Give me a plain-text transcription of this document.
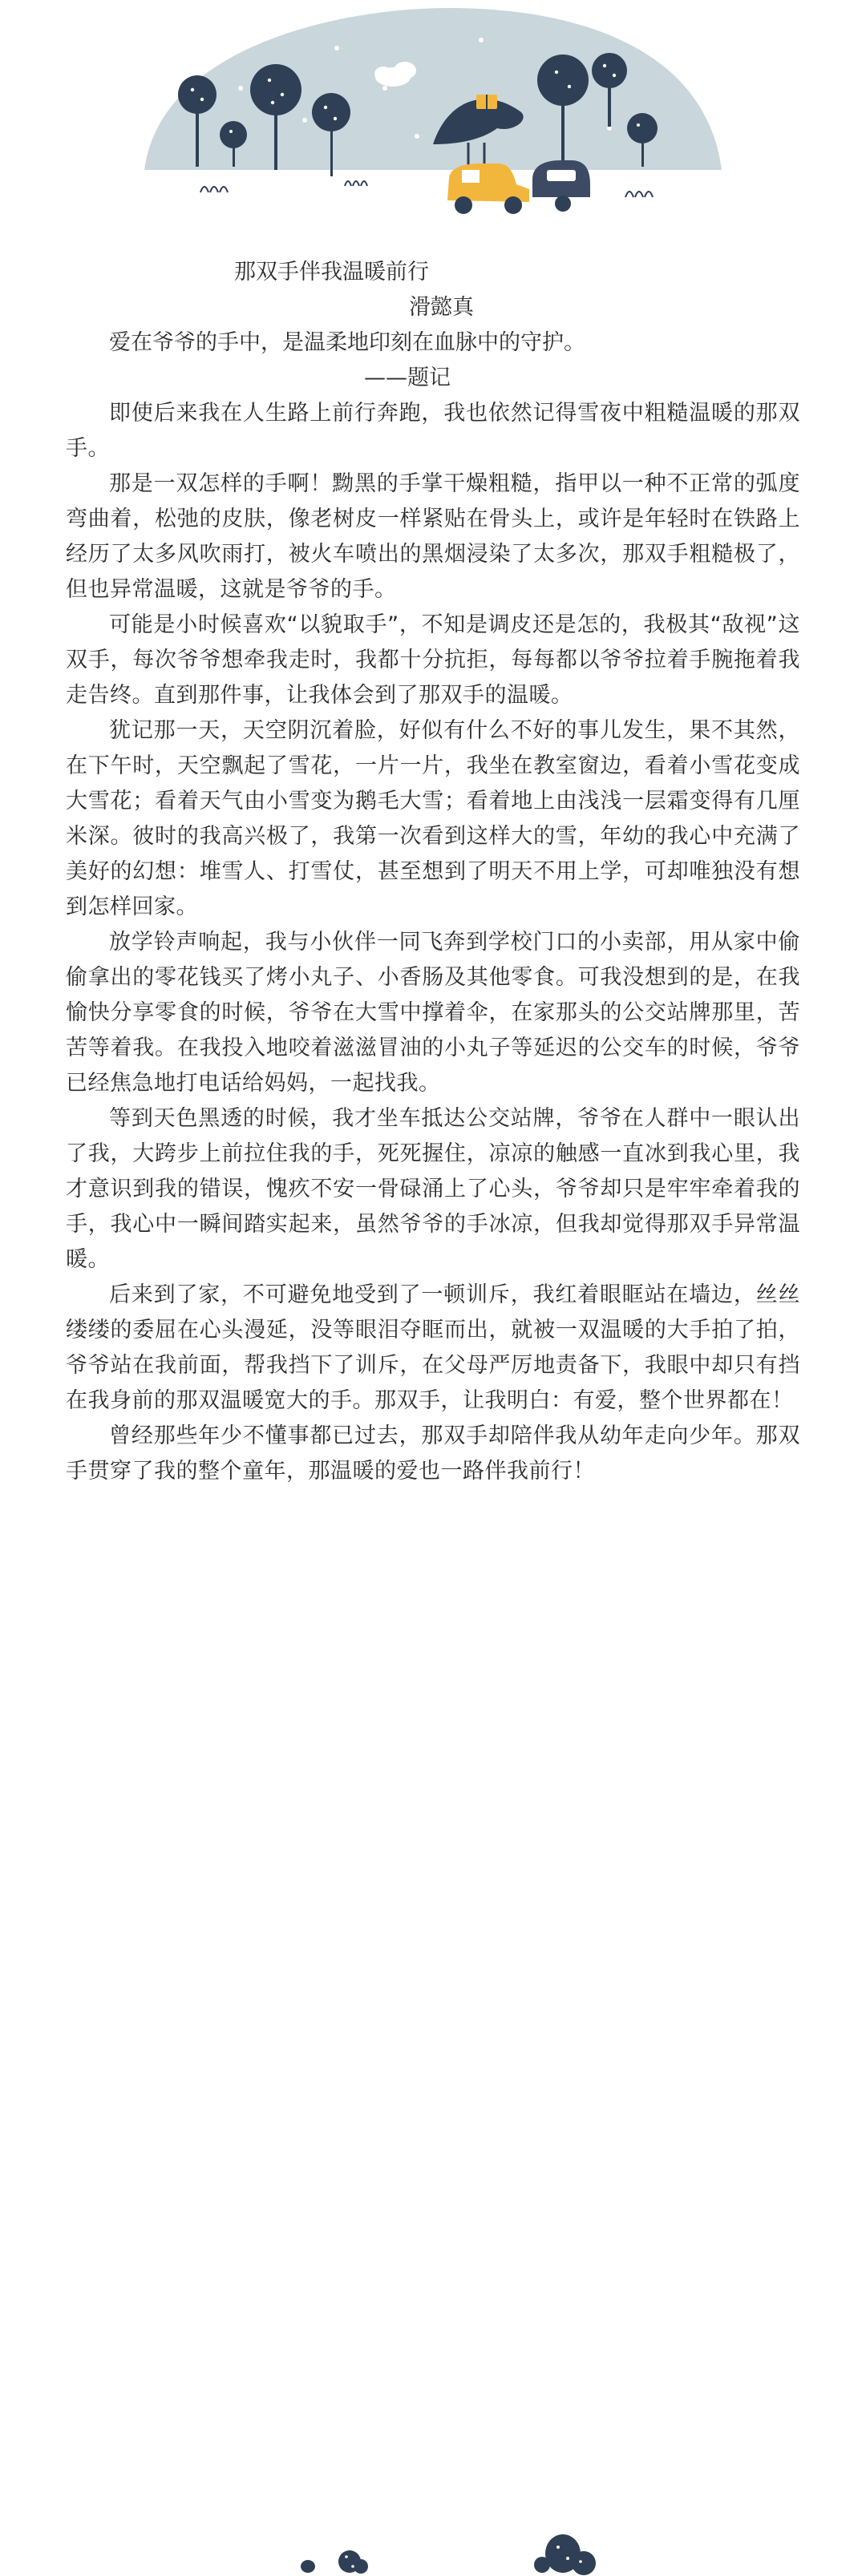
那双手伴我温暖前行

滑懿真

爱在爷爷的手中，是温柔地印刻在血脉中的守护。

——题记

即使后来我在人生路上前行奔跑，我也依然记得雪夜中粗糙温暖的那双手。

那是一双怎样的手啊！黝黑的手掌干燥粗糙，指甲以一种不正常的弧度弯曲着，松弛的皮肤，像老树皮一样紧贴在骨头上，或许是年轻时在铁路上经历了太多风吹雨打，被火车喷出的黑烟浸染了太多次，那双手粗糙极了，但也异常温暖，这就是爷爷的手。

可能是小时候喜欢“以貌取手”，不知是调皮还是怎的，我极其“敌视”这双手，每次爷爷想牵我走时，我都十分抗拒，每每都以爷爷拉着手腕拖着我走告终。直到那件事，让我体会到了那双手的温暖。

犹记那一天，天空阴沉着脸，好似有什么不好的事儿发生，果不其然，在下午时，天空飘起了雪花，一片一片，我坐在教室窗边，看着小雪花变成大雪花；看着天气由小雪变为鹅毛大雪；看着地上由浅浅一层霜变得有几厘米深。彼时的我高兴极了，我第一次看到这样大的雪，年幼的我心中充满了美好的幻想：堆雪人、打雪仗，甚至想到了明天不用上学，可却唯独没有想到怎样回家。

放学铃声响起，我与小伙伴一同飞奔到学校门口的小卖部，用从家中偷偷拿出的零花钱买了烤小丸子、小香肠及其他零食。可我没想到的是，在我愉快分享零食的时候，爷爷在大雪中撑着伞，在家那头的公交站牌那里，苦苦等着我。在我投入地咬着滋滋冒油的小丸子等延迟的公交车的时候，爷爷已经焦急地打电话给妈妈，一起找我。

等到天色黑透的时候，我才坐车抵达公交站牌，爷爷在人群中一眼认出了我，大跨步上前拉住我的手，死死握住，凉凉的触感一直冰到我心里，我才意识到我的错误，愧疚不安一骨碌涌上了心头，爷爷却只是牢牢牵着我的手，我心中一瞬间踏实起来，虽然爷爷的手冰凉，但我却觉得那双手异常温暖。

后来到了家，不可避免地受到了一顿训斥，我红着眼眶站在墙边，丝丝缕缕的委屈在心头漫延，没等眼泪夺眶而出，就被一双温暖的大手拍了拍，爷爷站在我前面，帮我挡下了训斥，在父母严厉地责备下，我眼中却只有挡在我身前的那双温暖宽大的手。那双手，让我明白：有爱，整个世界都在！

曾经那些年少不懂事都已过去，那双手却陪伴我从幼年走向少年。那双手贯穿了我的整个童年，那温暖的爱也一路伴我前行！
